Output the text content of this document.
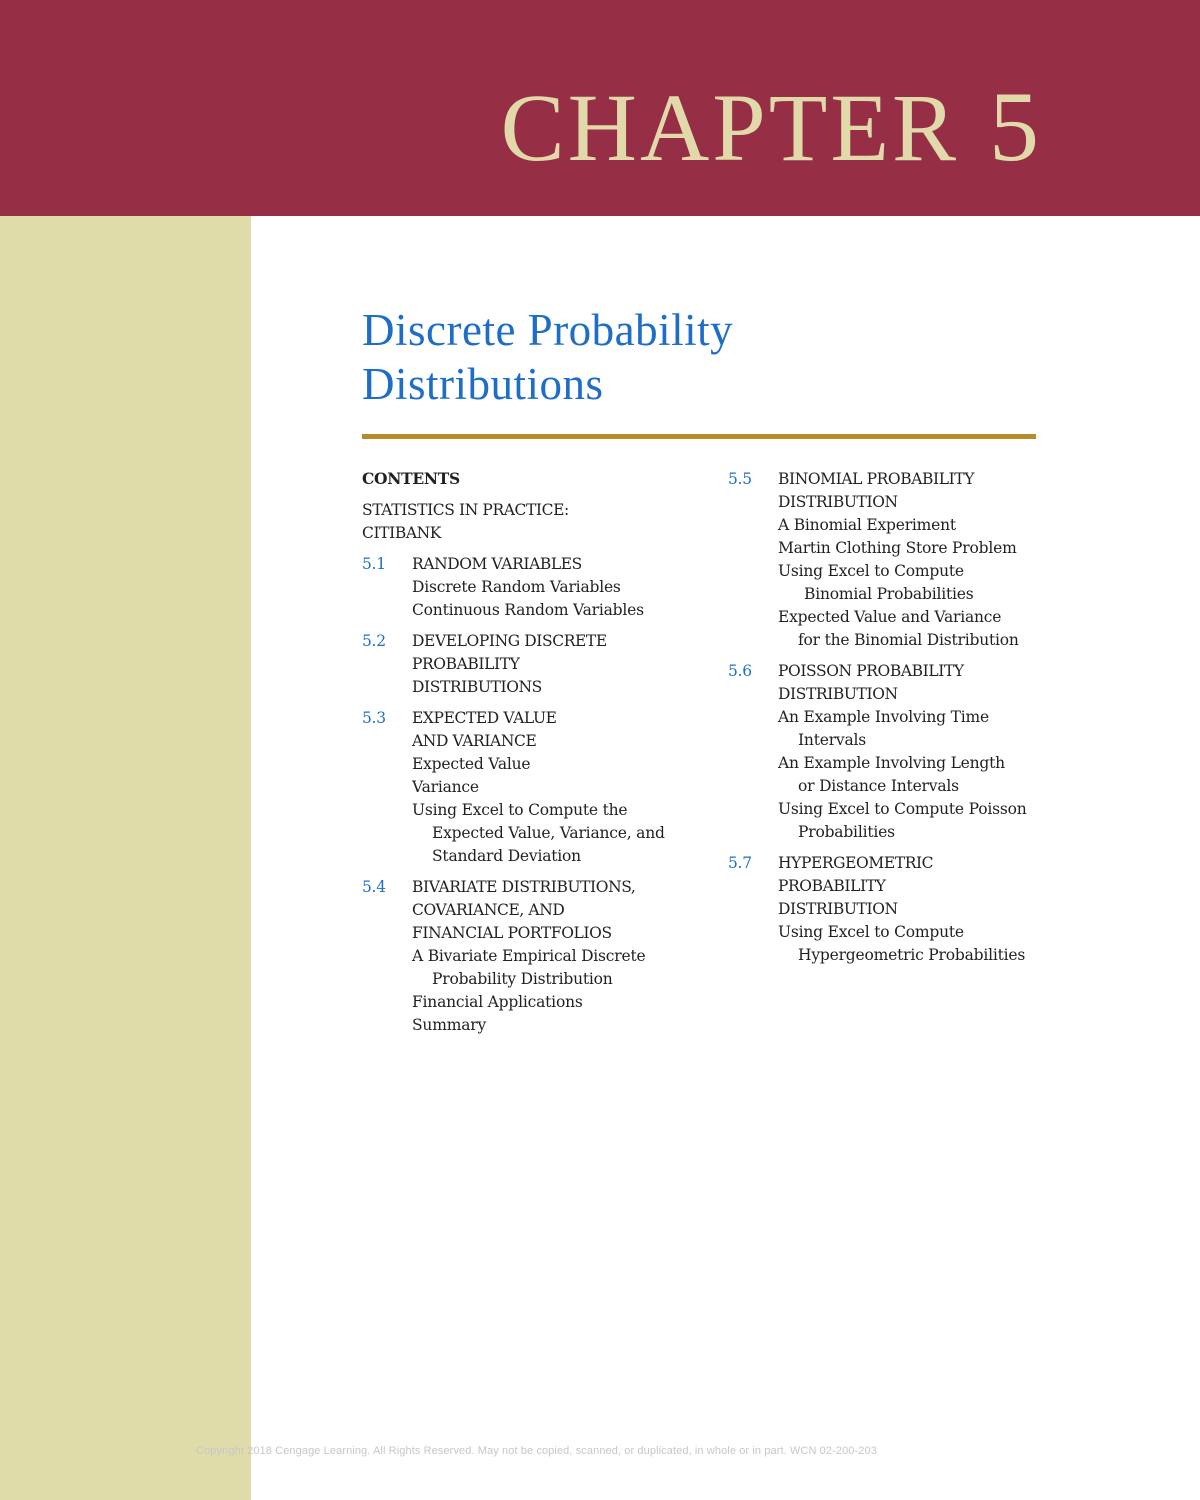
CHAPTER 5
Discrete Probability
Distributions
CONTENTS
STATISTICS IN PRACTICE:
CITIBANK
5.1	RANDOM VARIABLES
Discrete Random Variables
Continuous Random Variables
5.2	DEVELOPING DISCRETE
PROBABILITY
DISTRIBUTIONS
5.3	EXPECTED VALUE
AND VARIANCE
Expected Value
Variance
Using Excel to Compute the
Expected Value, Variance, and
Standard Deviation
5.4	BIVARIATE DISTRIBUTIONS,
COVARIANCE, AND
FINANCIAL PORTFOLIOS
A Bivariate Empirical Discrete
Probability Distribution
Financial Applications
Summary
5.5	BINOMIAL PROBABILITY
DISTRIBUTION
A Binomial Experiment
Martin Clothing Store Problem
Using Excel to Compute
Binomial Probabilities
Expected Value and Variance
for the Binomial Distribution
5.6	POISSON PROBABILITY
DISTRIBUTION
An Example Involving Time
Intervals
An Example Involving Length
or Distance Intervals
Using Excel to Compute Poisson
Probabilities
5.7	HYPERGEOMETRIC
PROBABILITY
DISTRIBUTION
Using Excel to Compute
Hypergeometric Probabilities
Copyright 2018 Cengage Learning. All Rights Reserved. May not be copied, scanned, or duplicated, in whole or in part. WCN 02-200-203
